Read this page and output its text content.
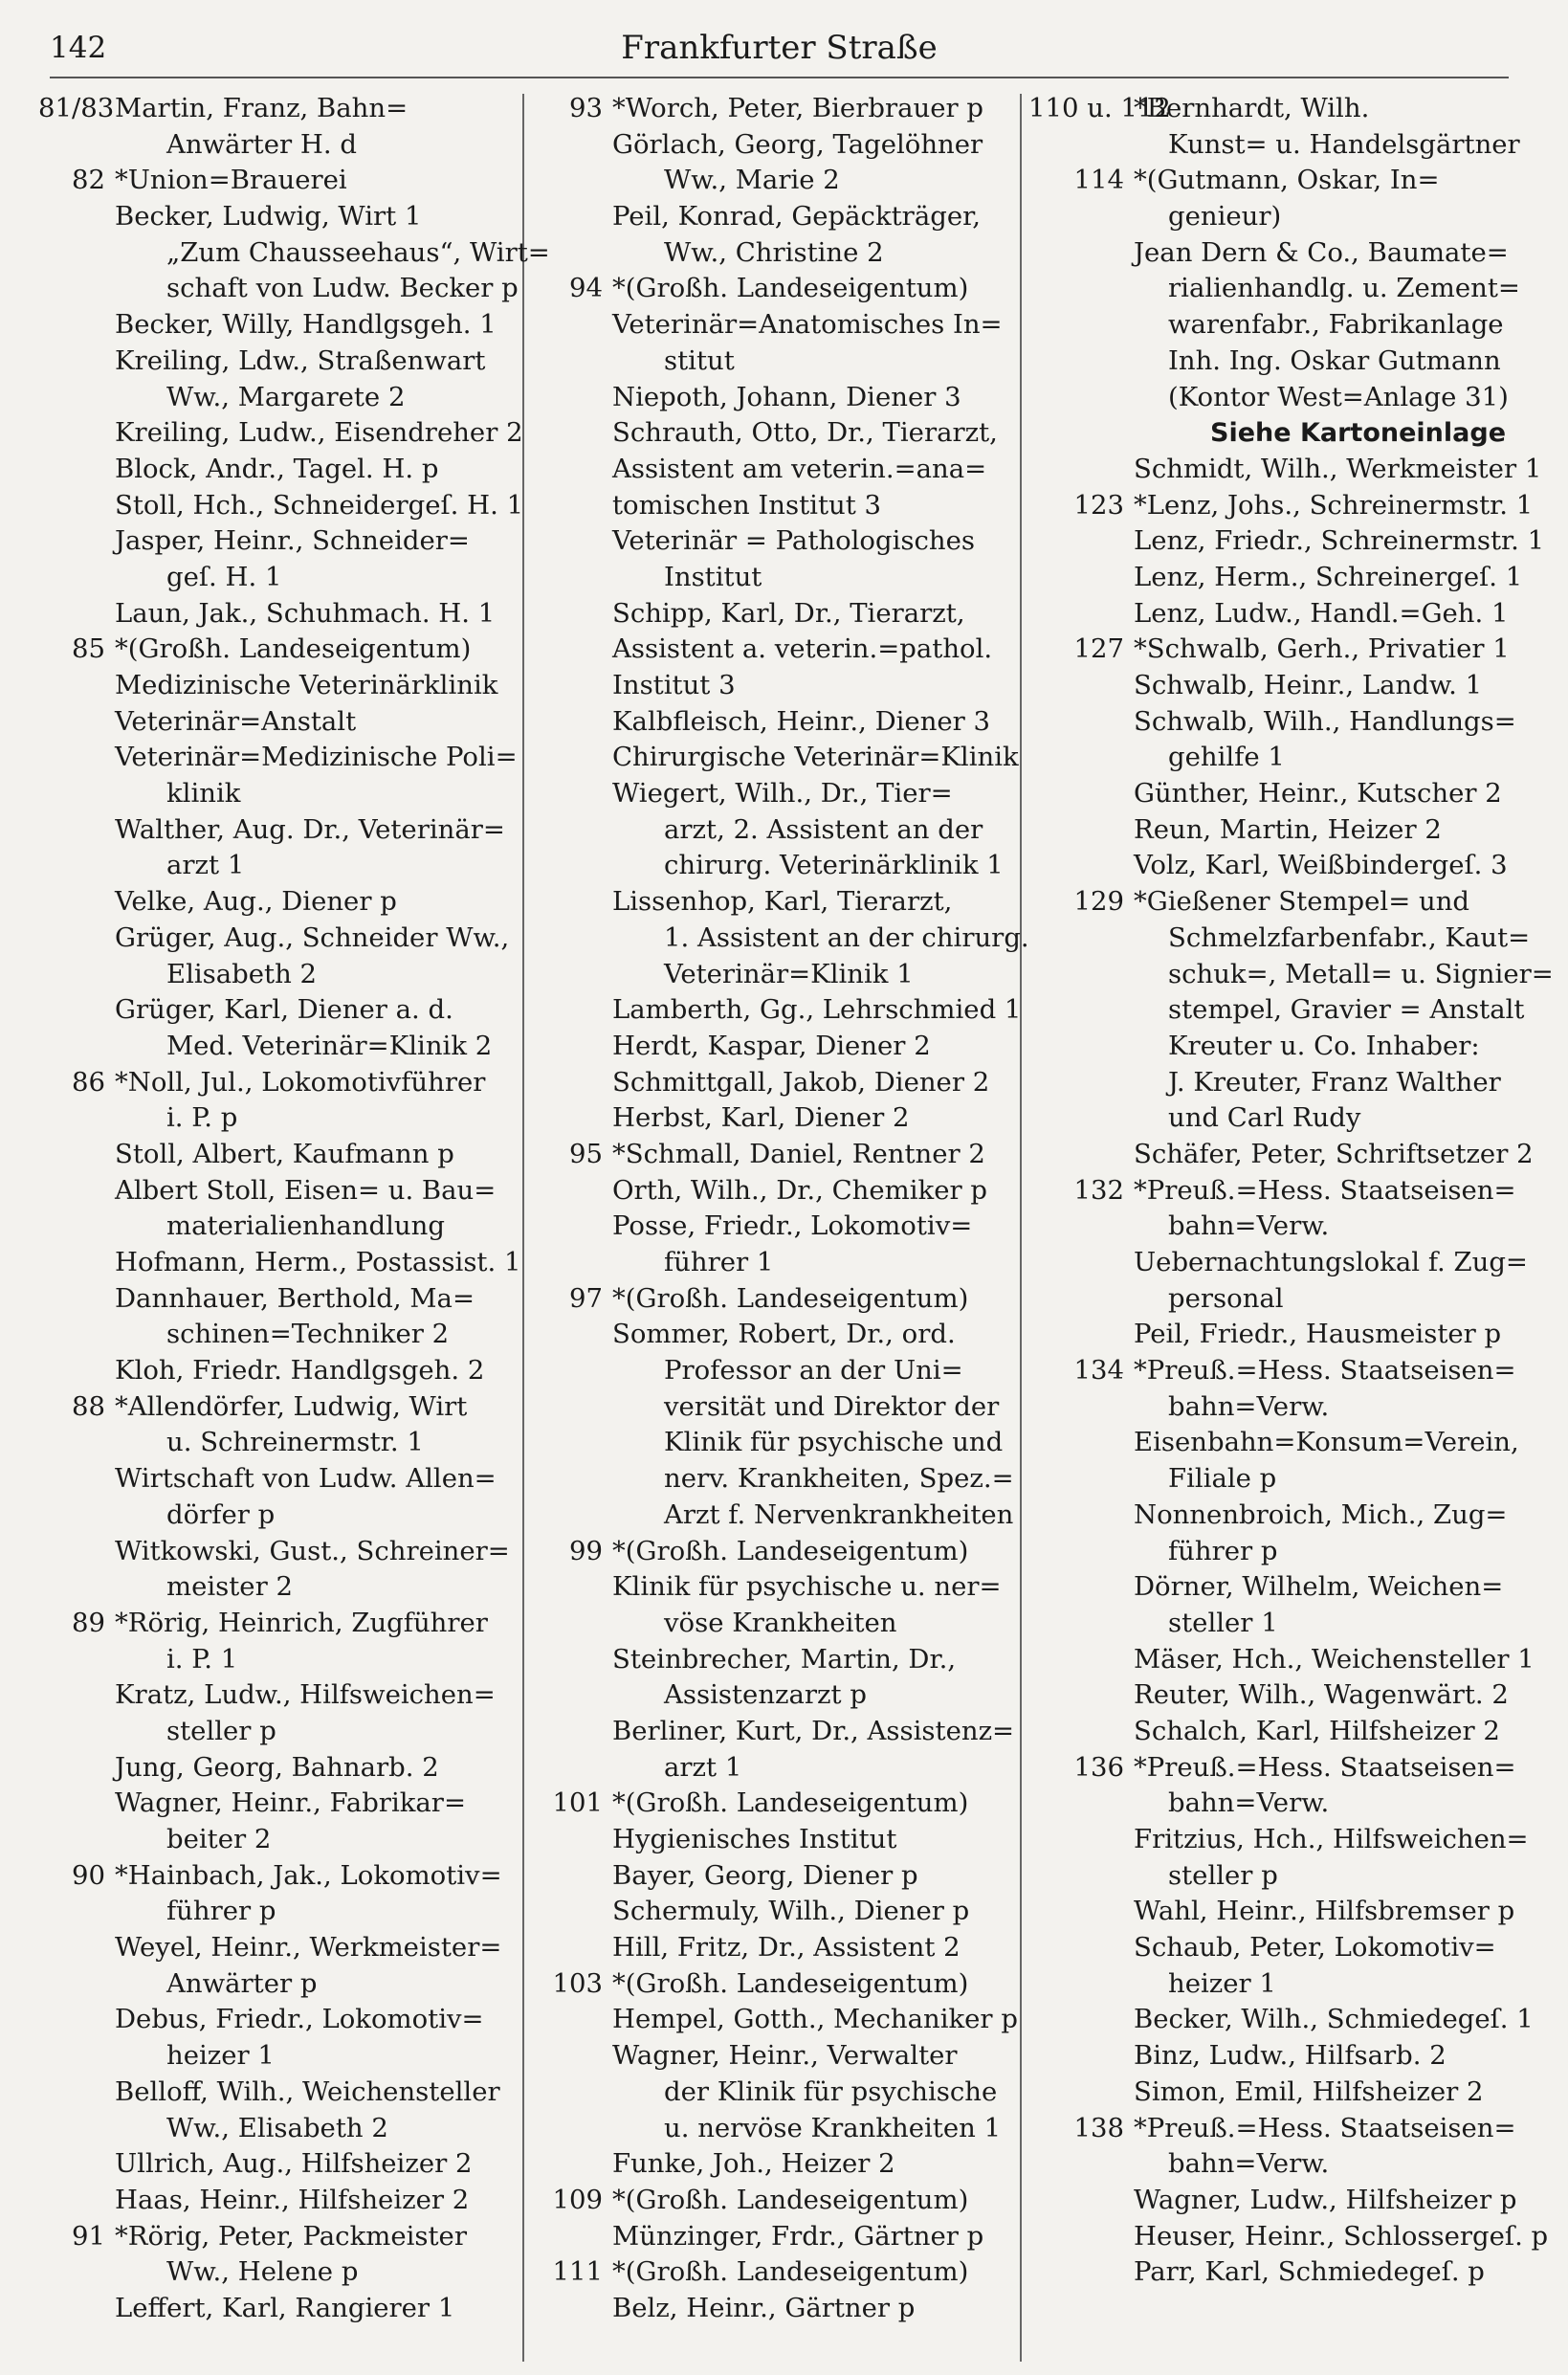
142	Frankfurter Straße
81/83Martin, Franz, Bahn=
Anwärter H. d
82 *Union=Brauerei
Becker, Ludwig, Wirt 1
„Zum Chausseehaus“, Wirt=
schaft von Ludw. Becker p
Becker, Willy, Handlgsgeh. 1
Kreiling, Ldw., Straßenwart
Ww., Margarete 2
Kreiling, Ludw., Eisendreher 2
Block, Andr., Tagel. H. p
Stoll, Hch., Schneidergeſ. H. 1
Jasper, Heinr., Schneider=
geſ. H. 1
Laun, Jak., Schuhmach. H. 1
85 *(Großh. Landeseigentum)
Medizinische Veterinärklinik
Veterinär=Anstalt
Veterinär=Medizinische Poli=
klinik
Walther, Aug. Dr., Veterinär=
arzt 1
Velke, Aug., Diener p
Grüger, Aug., Schneider Ww.,
Elisabeth 2
Grüger, Karl, Diener a. d.
Med. Veterinär=Klinik 2
86 *Noll, Jul., Lokomotivführer
i. P. p
Stoll, Albert, Kaufmann p
Albert Stoll, Eisen= u. Bau=
materialienhandlung
Hofmann, Herm., Postassist. 1
Dannhauer, Berthold, Ma=
schinen=Techniker 2
Kloh, Friedr. Handlgsgeh. 2
88 *Allendörfer, Ludwig, Wirt
u. Schreinermstr. 1
Wirtschaft von Ludw. Allen=
dörfer p
Witkowski, Gust., Schreiner=
meister 2
89 *Rörig, Heinrich, Zugführer
i. P. 1
Kratz, Ludw., Hilfsweichen=
steller p
Jung, Georg, Bahnarb. 2
Wagner, Heinr., Fabrikar=
beiter 2
90 *Hainbach, Jak., Lokomotiv=
führer p
Weyel, Heinr., Werkmeister=
Anwärter p
Debus, Friedr., Lokomotiv=
heizer 1
Belloff, Wilh., Weichensteller
Ww., Elisabeth 2
Ullrich, Aug., Hilfsheizer 2
Haas, Heinr., Hilfsheizer 2
91 *Rörig, Peter, Packmeister
Ww., Helene p
Leffert, Karl, Rangierer 1
93 *Worch, Peter, Bierbrauer p
Görlach, Georg, Tagelöhner
Ww., Marie 2
Peil, Konrad, Gepäckträger,
Ww., Christine 2
94 *(Großh. Landeseigentum)
Veterinär=Anatomisches In=
stitut
Niepoth, Johann, Diener 3
Schrauth, Otto, Dr., Tierarzt,
Assistent am veterin.=ana=
tomischen Institut 3
Veterinär = Pathologisches
Institut
Schipp, Karl, Dr., Tierarzt,
Assistent a. veterin.=pathol.
Institut 3
Kalbfleisch, Heinr., Diener 3
Chirurgische Veterinär=Klinik
Wiegert, Wilh., Dr., Tier=
arzt, 2. Assistent an der
chirurg. Veterinärklinik 1
Lissenhop, Karl, Tierarzt,
1. Assistent an der chirurg.
Veterinär=Klinik 1
Lamberth, Gg., Lehrschmied 1
Herdt, Kaspar, Diener 2
Schmittgall, Jakob, Diener 2
Herbst, Karl, Diener 2
95 *Schmall, Daniel, Rentner 2
Orth, Wilh., Dr., Chemiker p
Posse, Friedr., Lokomotiv=
führer 1
97 *(Großh. Landeseigentum)
Sommer, Robert, Dr., ord.
Professor an der Uni=
versität und Direktor der
Klinik für psychische und
nerv. Krankheiten, Spez.=
Arzt f. Nervenkrankheiten
99 *(Großh. Landeseigentum)
Klinik für psychische u. ner=
vöse Krankheiten
Steinbrecher, Martin, Dr.,
Assistenzarzt p
Berliner, Kurt, Dr., Assistenz=
arzt 1
101 *(Großh. Landeseigentum)
Hygienisches Institut
Bayer, Georg, Diener p
Schermuly, Wilh., Diener p
Hill, Fritz, Dr., Assistent 2
103 *(Großh. Landeseigentum)
Hempel, Gotth., Mechaniker p
Wagner, Heinr., Verwalter
der Klinik für psychische
u. nervöse Krankheiten 1
Funke, Joh., Heizer 2
109 *(Großh. Landeseigentum)
Münzinger, Frdr., Gärtner p
111 *(Großh. Landeseigentum)
Belz, Heinr., Gärtner p
110 u. 112*Bernhardt, Wilh.
Kunst= u. Handelsgärtner
114 *(Gutmann, Oskar, In=
genieur)
Jean Dern & Co., Baumate=
rialienhandlg. u. Zement=
warenfabr., Fabrikanlage
Inh. Ing. Oskar Gutmann
(Kontor West=Anlage 31)
Siehe Kartoneinlage
Schmidt, Wilh., Werkmeister 1
123 *Lenz, Johs., Schreinermstr. 1
Lenz, Friedr., Schreinermstr. 1
Lenz, Herm., Schreinergeſ. 1
Lenz, Ludw., Handl.=Geh. 1
127 *Schwalb, Gerh., Privatier 1
Schwalb, Heinr., Landw. 1
Schwalb, Wilh., Handlungs=
gehilfe 1
Günther, Heinr., Kutscher 2
Reun, Martin, Heizer 2
Volz, Karl, Weißbindergeſ. 3
129 *Gießener Stempel= und
Schmelzfarbenfabr., Kaut=
schuk=, Metall= u. Signier=
stempel, Gravier = Anstalt
Kreuter u. Co. Inhaber:
J. Kreuter, Franz Walther
und Carl Rudy
Schäfer, Peter, Schriftsetzer 2
132 *Preuß.=Hess. Staatseisen=
bahn=Verw.
Uebernachtungslokal f. Zug=
personal
Peil, Friedr., Hausmeister p
134 *Preuß.=Hess. Staatseisen=
bahn=Verw.
Eisenbahn=Konsum=Verein,
Filiale p
Nonnenbroich, Mich., Zug=
führer p
Dörner, Wilhelm, Weichen=
steller 1
Mäser, Hch., Weichensteller 1
Reuter, Wilh., Wagenwärt. 2
Schalch, Karl, Hilfsheizer 2
136 *Preuß.=Hess. Staatseisen=
bahn=Verw.
Fritzius, Hch., Hilfsweichen=
steller p
Wahl, Heinr., Hilfsbremser p
Schaub, Peter, Lokomotiv=
heizer 1
Becker, Wilh., Schmiedegeſ. 1
Binz, Ludw., Hilfsarb. 2
Simon, Emil, Hilfsheizer 2
138 *Preuß.=Hess. Staatseisen=
bahn=Verw.
Wagner, Ludw., Hilfsheizer p
Heuser, Heinr., Schlossergeſ. p
Parr, Karl, Schmiedegeſ. p
